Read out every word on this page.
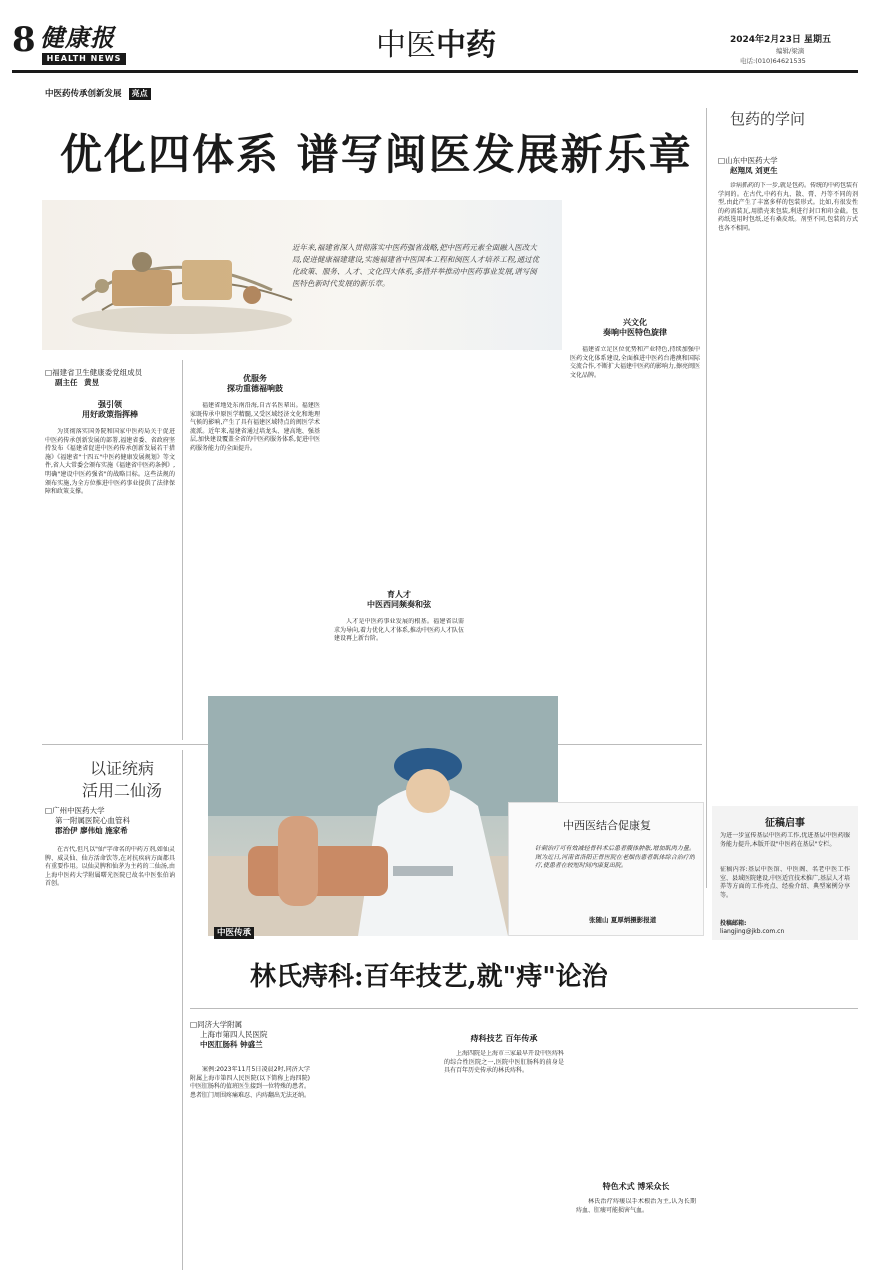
8 健康报
HEALTH NEWS	中医中药	2024年2月23日 星期五
编辑/梁滴
电话:(010)64621535
中医药传承创新发展 亮点
包药的学问
优化四体系 谱写闽医发展新乐章
近年来,福建省深入贯彻落实中医药强省战略,把中医药元素全面融入医改大局,促进健康福建建设,实施福建省中医国本工程和闽医人才培养工程,通过优化政策、服务、人才、文化四大体系,多措并举推动中医药事业发展,谱写闽医特色新时代发展的新乐章。
□山东中医药大学
赵翔凤 刘更生

诊病抓药的下一步,就是包药。传统的中药包装有学问的。在古代,中药有丸、散、膏、丹等不同的剂型,由此产生了丰富多样的包装形式。比如,有很发性的药需装瓦,用腊壳来包装,利进行封口和印金截。包药纸选用时包纸,还有桑皮纸。剂型不同,包装的方式也各不相同。

□福建省卫生健康委党组成员
副主任 黄昱
强引领
用好政策指挥棒

为贯彻落实国务院和国家中医药局关于促进中医药传承创新发展的部署,福建省委、省政府坚持发布《福建省促进中医药传承创新发展若干措施》《福建省"十四五"中医药健康发展规划》等文件,省人大常委会颁布实施《福建省中医药条例》,明确"建设中医药强省"的战略目标。这些法规的颁布实施,为全方位推进中医药事业提供了法律保障和政策支撑。

优服务
探功重德福响鼓

福建省地处东南沿海,自古名医辈出。福建医家既传承中原医学精髓,又受区域经济文化和地理气候的影响,产生了具有福建区域特点的闽医学术流派。近年来,福建省通过培龙头、建高地、强基层,加快建设覆盖全省的中医药服务体系,促进中医药服务能力的全面提升。

育人才
中医西同频奏和弦

人才是中医药事业发展的根基。福建省以需求为导向,着力优化人才体系,推动中医药人才队伍建设再上新台阶。

兴文化
奏响中医特色旋律

福建省立足区位优势和产业特色,持续加强中医药文化体系建设,全面推进中医药台港澳和国际交流合作,不断扩大福建中医药的影响力,擦亮闽医文化品牌。

以证统病
活用二仙汤
□广州中医药大学
第一附属医院心血管科
郡治伊 廖伟灿 施家希

在古代,但凡以"仙"字命名的中药方剂,如仙灵脾、威灵仙、仙方活命饮等,在对抗疾病方面都具有重要作用。以仙灵脾和仙茅为主药的二仙汤,由上海中医药大学附属曙光医院已故名中医张伯讷首创。

中医传承
中西医结合促康复
针刺治疗可有效减轻骨科术后患者腹体肿胀,增加肌肉力量。图为近日,河南省洛阳正骨医院在老烟伤患者肌体综合治疗的疗,使患者在较短时间内康复出院。
张随山 夏厚炳摄影报道
征稿启事
为进一步宣传基层中医药工作,优进基层中医药服务能力提升,本版开设"中医药在基层"专栏。
征稿内容:基层中医馆、中医阁、名老中医工作室、县域医院建设,中医适宜技术推广,基层人才培养等方面的工作亮点、经验介绍、典型案例分享等。
投稿邮箱:
liangjing@jkb.com.cn
林氏痔科:百年技艺,就"痔"论治
□同济大学附属
上海市第四人民医院
中医肛肠科 钟盛兰

案例:2023年11月5日凌晨2时,同济大学附属上海市第四人民医院(以下简称上海四院)中医肛肠科的值班医生接到一位特殊的患者。患者肛门周围疼痛难忍、内痔翻出无法还纳。

痔科技艺 百年传承

上海四院是上海市三家最早开设中医痔科的综合性医院之一,医院中医肛肠科的前身是具有百年历史传承的林氏痔科。

特色术式 博采众长

林氏治疗痔瘘以手术根治为主,认为长期痔血、肛瘘可能损害气血。
